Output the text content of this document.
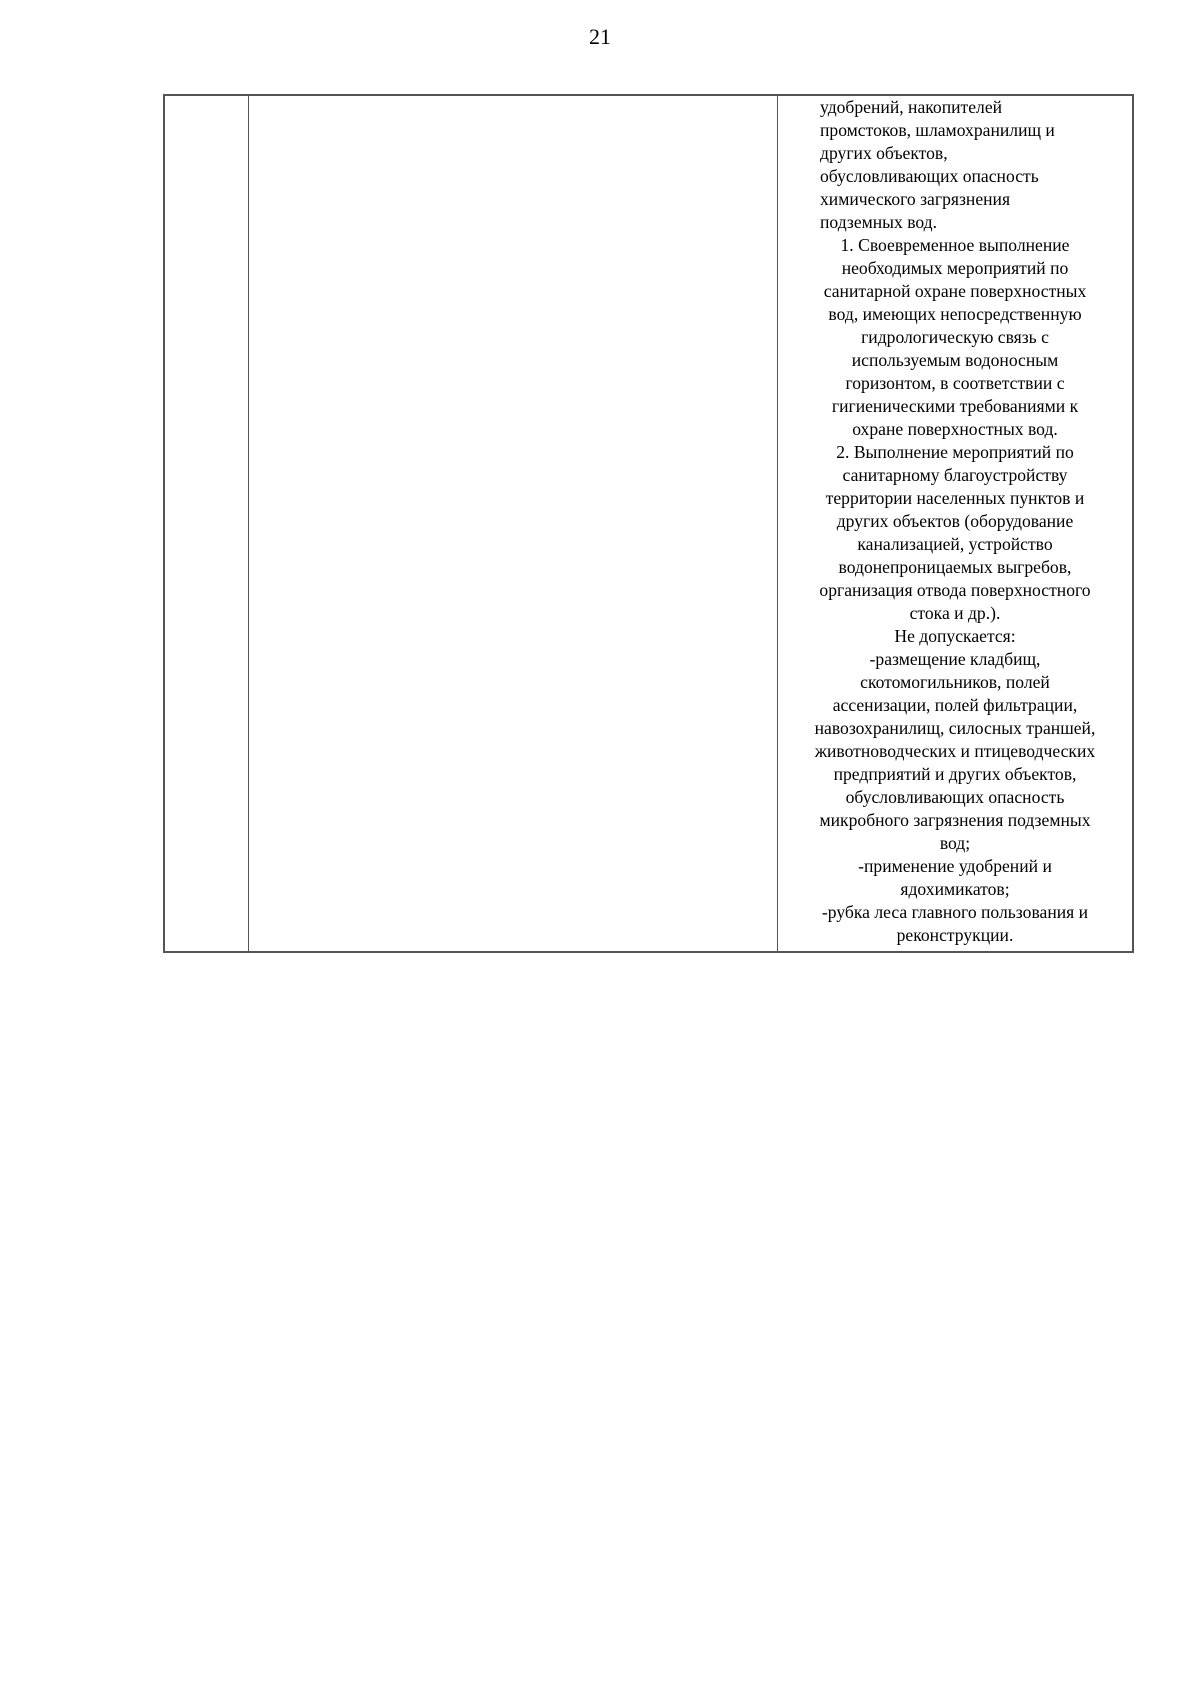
21

удобрений, накопителей
промстоков, шламохранилищ и
других объектов,
обусловливающих опасность
химического загрязнения
подземных вод.

1. Своевременное выполнение
необходимых мероприятий по
санитарной охране поверхностных
вод, имеющих непосредственную
гидрологическую связь с
используемым водоносным
горизонтом, в соответствии с
гигиеническими требованиями к
охране поверхностных вод.

2. Выполнение мероприятий по
санитарному благоустройству
территории населенных пунктов и
других объектов (оборудование
канализацией, устройство
водонепроницаемых выгребов,
организация отвода поверхностного
стока и др.).

Не допускается:

-размещение кладбищ,
скотомогильников, полей
ассенизации, полей фильтрации,
навозохранилищ, силосных траншей,
животноводческих и птицеводческих
предприятий и других объектов,
обусловливающих опасность
микробного загрязнения подземных
вод;

-применение удобрений и
ядохимикатов;

-рубка леса главного пользования и
реконструкции.
